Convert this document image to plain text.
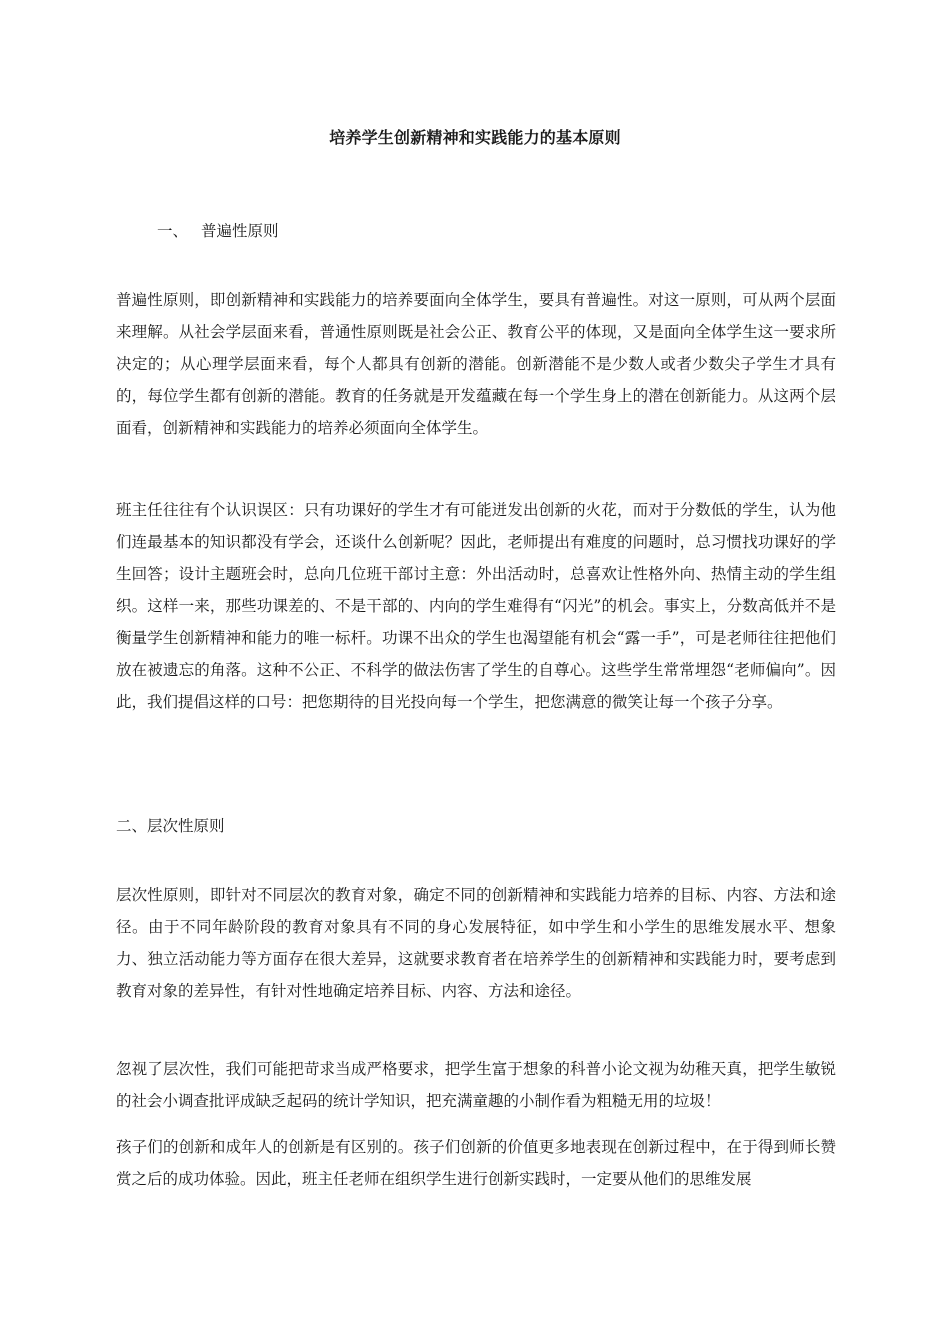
培养学生创新精神和实践能力的基本原则
一、 普遍性原则

普遍性原则，即创新精神和实践能力的培养要面向全体学生，要具有普遍性。对这一原则，可从两个层面来理解。从社会学层面来看，普通性原则既是社会公正、教育公平的体现，又是面向全体学生这一要求所决定的；从心理学层面来看，每个人都具有创新的潜能。创新潜能不是少数人或者少数尖子学生才具有的，每位学生都有创新的潜能。教育的任务就是开发蕴藏在每一个学生身上的潜在创新能力。从这两个层面看，创新精神和实践能力的培养必须面向全体学生。

班主任往往有个认识误区：只有功课好的学生才有可能迸发出创新的火花，而对于分数低的学生，认为他们连最基本的知识都没有学会，还谈什么创新呢？因此，老师提出有难度的问题时，总习惯找功课好的学生回答；设计主题班会时，总向几位班干部讨主意：外出活动时，总喜欢让性格外向、热情主动的学生组织。这样一来，那些功课差的、不是干部的、内向的学生难得有“闪光”的机会。事实上，分数高低并不是衡量学生创新精神和能力的唯一标杆。功课不出众的学生也渴望能有机会“露一手”，可是老师往往把他们放在被遗忘的角落。这种不公正、不科学的做法伤害了学生的自尊心。这些学生常常埋怨“老师偏向”。因此，我们提倡这样的口号：把您期待的目光投向每一个学生，把您满意的微笑让每一个孩子分享。

二、层次性原则

层次性原则，即针对不同层次的教育对象，确定不同的创新精神和实践能力培养的目标、内容、方法和途径。由于不同年龄阶段的教育对象具有不同的身心发展特征，如中学生和小学生的思维发展水平、想象力、独立活动能力等方面存在很大差异，这就要求教育者在培养学生的创新精神和实践能力时，要考虑到教育对象的差异性，有针对性地确定培养目标、内容、方法和途径。

忽视了层次性，我们可能把苛求当成严格要求，把学生富于想象的科普小论文视为幼稚天真，把学生敏锐的社会小调查批评成缺乏起码的统计学知识，把充满童趣的小制作看为粗糙无用的垃圾！

孩子们的创新和成年人的创新是有区别的。孩子们创新的价值更多地表现在创新过程中，在于得到师长赞赏之后的成功体验。因此，班主任老师在组织学生进行创新实践时，一定要从他们的思维发展
